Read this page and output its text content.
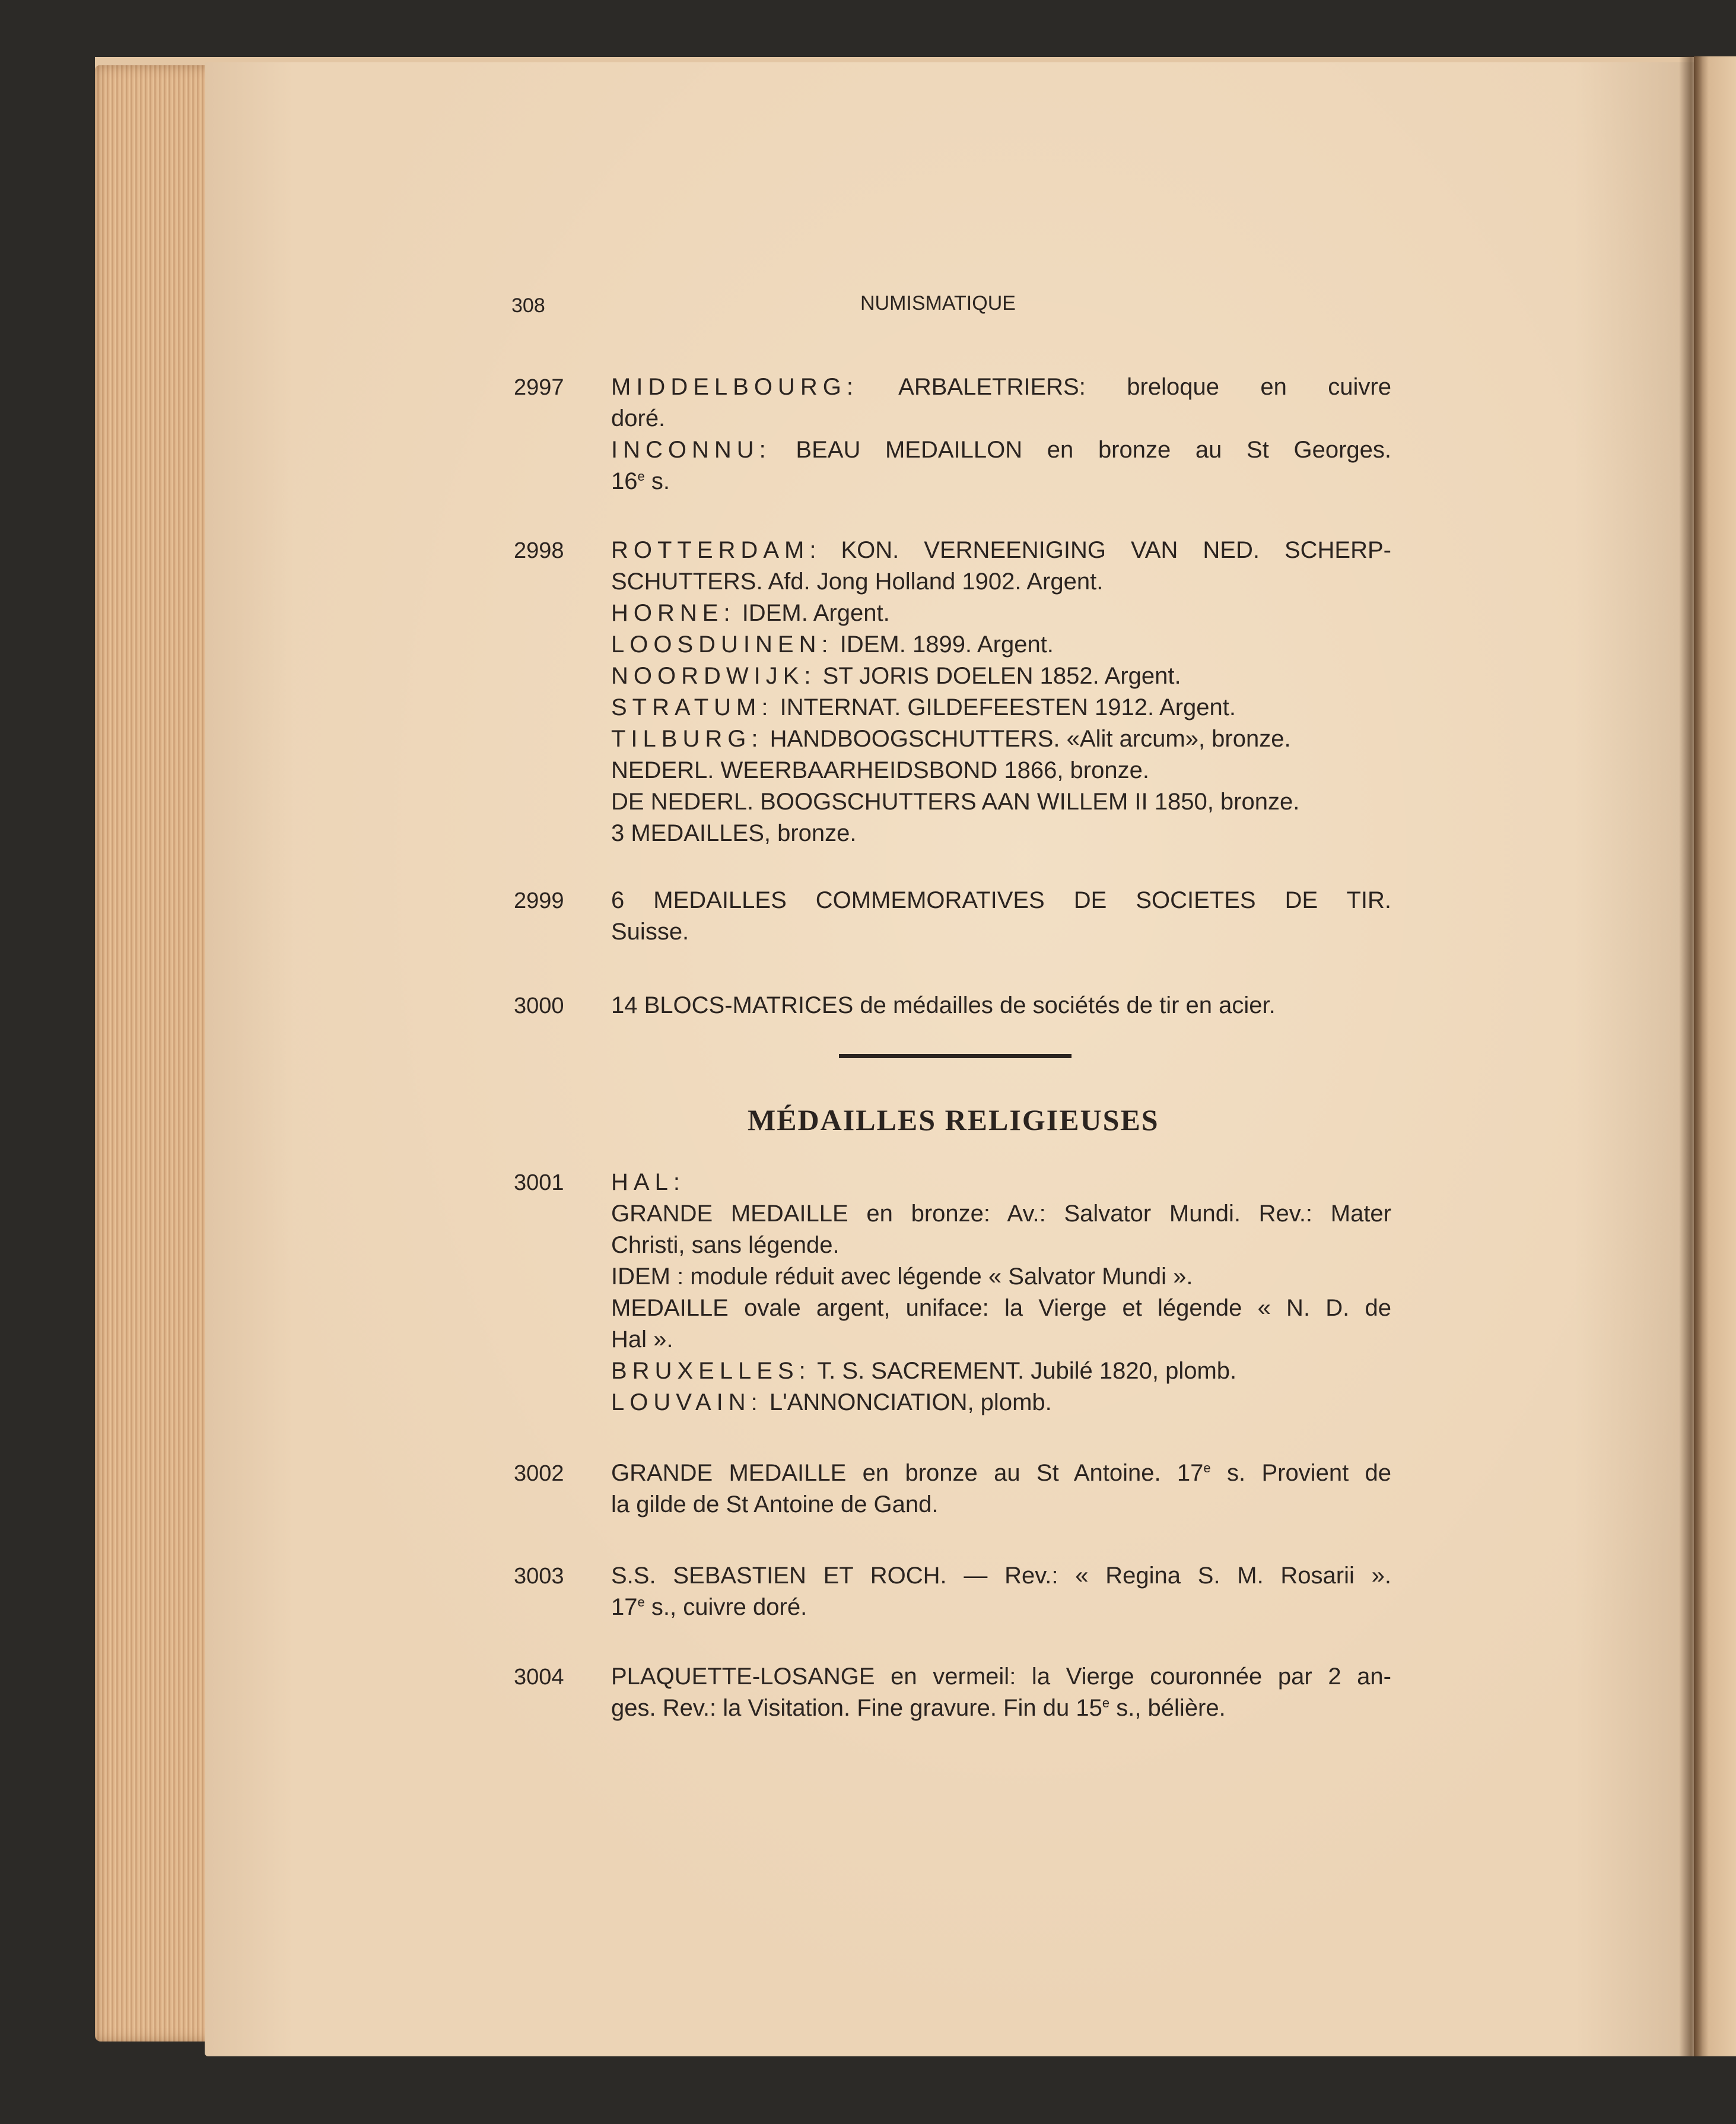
308	NUMISMATIQUE
2997 MIDDELBOURG: ARBALETRIERS: breloque en cuivre
doré.
INCONNU: BEAU MEDAILLON en bronze au St Georges.
16e s.
2998 ROTTERDAM: KON. VERNEENIGING VAN NED. SCHERP-
SCHUTTERS. Afd. Jong Holland 1902. Argent.
HORNE: IDEM. Argent.
LOOSDUINEN: IDEM. 1899. Argent.
NOORDWIJK: ST JORIS DOELEN 1852. Argent.
STRATUM: INTERNAT. GILDEFEESTEN 1912. Argent.
TILBURG: HANDBOOGSCHUTTERS. «Alit arcum», bronze.
NEDERL. WEERBAARHEIDSBOND 1866, bronze.
DE NEDERL. BOOGSCHUTTERS AAN WILLEM II 1850, bronze.
3 MEDAILLES, bronze.
2999 6 MEDAILLES COMMEMORATIVES DE SOCIETES DE TIR.
Suisse.
3000 14 BLOCS-MATRICES de médailles de sociétés de tir en acier.
3001 HAL:
GRANDE MEDAILLE en bronze: Av.: Salvator Mundi. Rev.: Mater
Christi, sans légende.
IDEM : module réduit avec légende « Salvator Mundi ».
MEDAILLE ovale argent, uniface: la Vierge et légende « N. D. de
Hal ».
BRUXELLES: T. S. SACREMENT. Jubilé 1820, plomb.
LOUVAIN: L'ANNONCIATION, plomb.
3002 GRANDE MEDAILLE en bronze au St Antoine. 17e s. Provient de
la gilde de St Antoine de Gand.
3003 S.S. SEBASTIEN ET ROCH. — Rev.: « Regina S. M. Rosarii ».
17e s., cuivre doré.
3004 PLAQUETTE-LOSANGE en vermeil: la Vierge couronnée par 2 an-
ges. Rev.: la Visitation. Fine gravure. Fin du 15e s., bélière.
MÉDAILLES RELIGIEUSES
